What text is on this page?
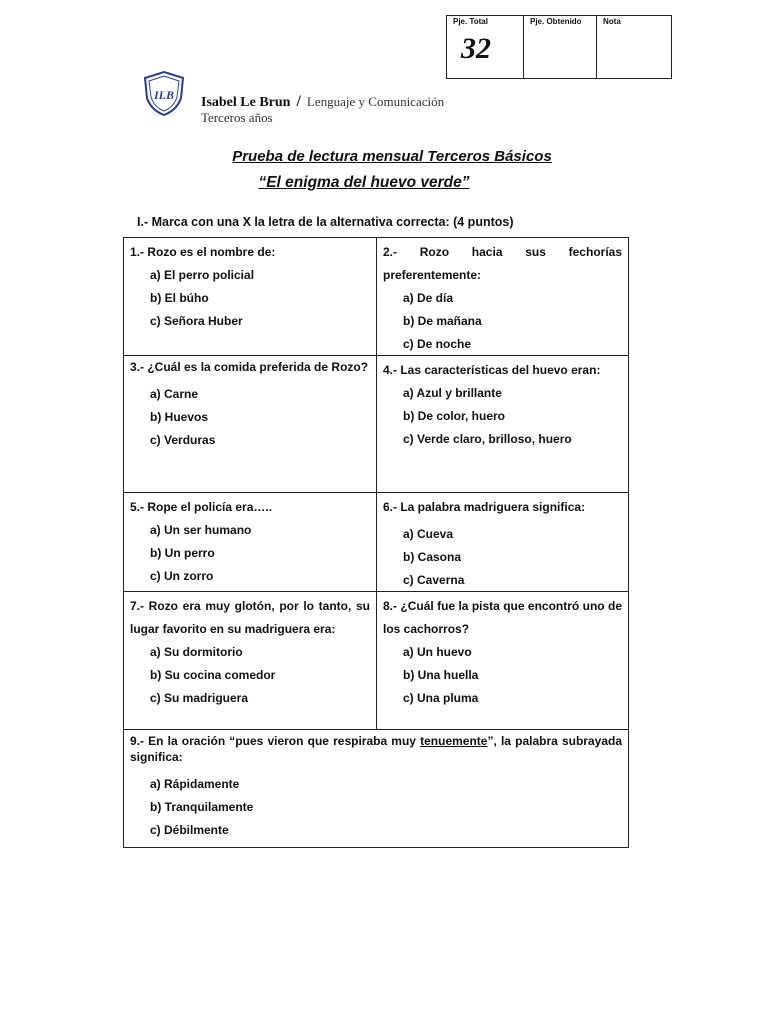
Pje. Total
32
Pje. Obtenido	Nota
ILB Isabel Le Brun / Lenguaje y Comunicación
Terceros años
Prueba de lectura mensual Terceros Básicos
“El enigma del huevo verde”
I.- Marca con una X la letra de la alternativa correcta: (4 puntos)
1.- Rozo es el nombre de:
a) El perro policial
b) El búho
c) Señora Huber
2.- Rozo hacia sus fechorías preferentemente:
a) De día
b) De mañana
c) De noche
3.- ¿Cuál es la comida preferida de Rozo?
a) Carne
b) Huevos
c) Verduras
4.- Las características del huevo eran:
a) Azul y brillante
b) De color, huero
c) Verde claro, brilloso, huero
5.- Rope el policía era…..
a) Un ser humano
b) Un perro
c) Un zorro
6.- La palabra madriguera significa:
a) Cueva
b) Casona
c) Caverna
7.- Rozo era muy glotón, por lo tanto, su lugar favorito en su madriguera era:
a) Su dormitorio
b) Su cocina comedor
c) Su madriguera
8.- ¿Cuál fue la pista que encontró uno de los cachorros?
a) Un huevo
b) Una huella
c) Una pluma
9.- En la oración “pues vieron que respiraba muy tenuemente”, la palabra subrayada significa:
a) Rápidamente
b) Tranquilamente
c) Débilmente
